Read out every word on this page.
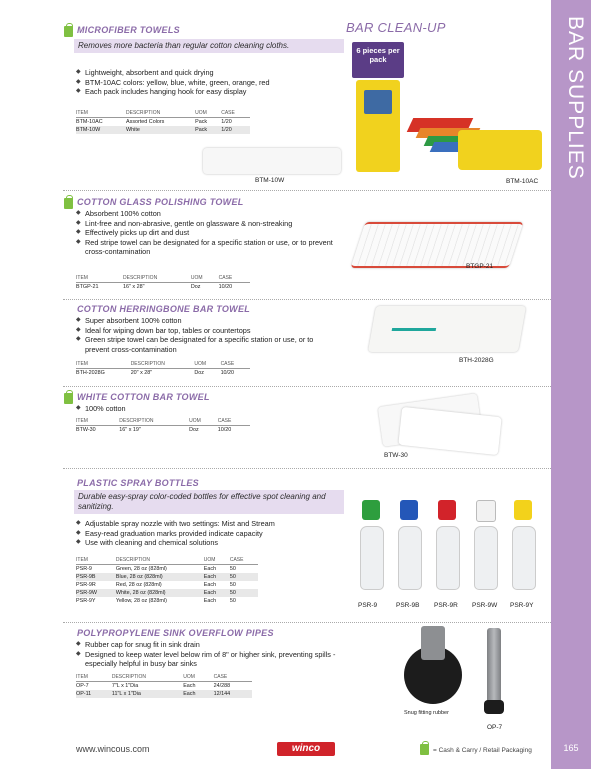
BAR SUPPLIES
BAR CLEAN-UP
MICROFIBER TOWELS
Removes more bacteria than regular cotton cleaning cloths.
◆ Lightweight, absorbent and quick drying
◆ BTM-10AC colors: yellow, blue, white, green, orange, red
◆ Each pack includes hanging hook for easy display
ITEM	DESCRIPTION	UOM	CASE
BTM-10AC	Assorted Colors	Pack	1/20
BTM-10W	White	Pack	1/20
BTM-10W
6 pieces per pack
BTM-10AC
COTTON GLASS POLISHING TOWEL
◆ Absorbent 100% cotton
◆ Lint-free and non-abrasive, gentle on glassware & non-streaking
◆ Effectively picks up dirt and dust
◆ Red stripe towel can be designated for a specific station or use, or to prevent cross-contamination
ITEM	DESCRIPTION	UOM	CASE
BTGP-21	16" x 28"	Doz	10/20
BTGP-21
COTTON HERRINGBONE BAR TOWEL
◆ Super absorbent 100% cotton
◆ Ideal for wiping down bar top, tables or countertops
◆ Green stripe towel can be designated for a specific station or use, or to prevent cross-contamination
ITEM	DESCRIPTION	UOM	CASE
BTH-2028G	20" x 28"	Doz	10/20
BTH-2028G
WHITE COTTON BAR TOWEL
◆ 100% cotton
ITEM	DESCRIPTION	UOM	CASE
BTW-30	16" x 19"	Doz	10/20
BTW-30
PLASTIC SPRAY BOTTLES
Durable easy-spray color-coded bottles for effective spot cleaning and sanitizing.
◆ Adjustable spray nozzle with two settings: Mist and Stream
◆ Easy-read graduation marks provided indicate capacity
◆ Use with cleaning and chemical solutions
ITEM	DESCRIPTION	UOM	CASE
PSR-9	Green, 28 oz (828ml)	Each	50
PSR-9B	Blue, 28 oz (828ml)	Each	50
PSR-9R	Red, 28 oz (828ml)	Each	50
PSR-9W	White, 28 oz (828ml)	Each	50
PSR-9Y	Yellow, 28 oz (828ml)	Each	50
PSR-9	PSR-9B PSR-9R PSR-9W PSR-9Y
POLYPROPYLENE SINK OVERFLOW PIPES
◆ Rubber cap for snug fit in sink drain
◆ Designed to keep water level below rim of 8" or higher sink, preventing spills - especially helpful in busy bar sinks
ITEM	DESCRIPTION	UOM	CASE
OP-7	7"L x 1"Dia	Each	24/288
OP-11	11"L x 1"Dia	Each	12/144
Snug fitting rubber
OP-7
www.wincous.com	winco	= Cash & Carry / Retail Packaging	165
